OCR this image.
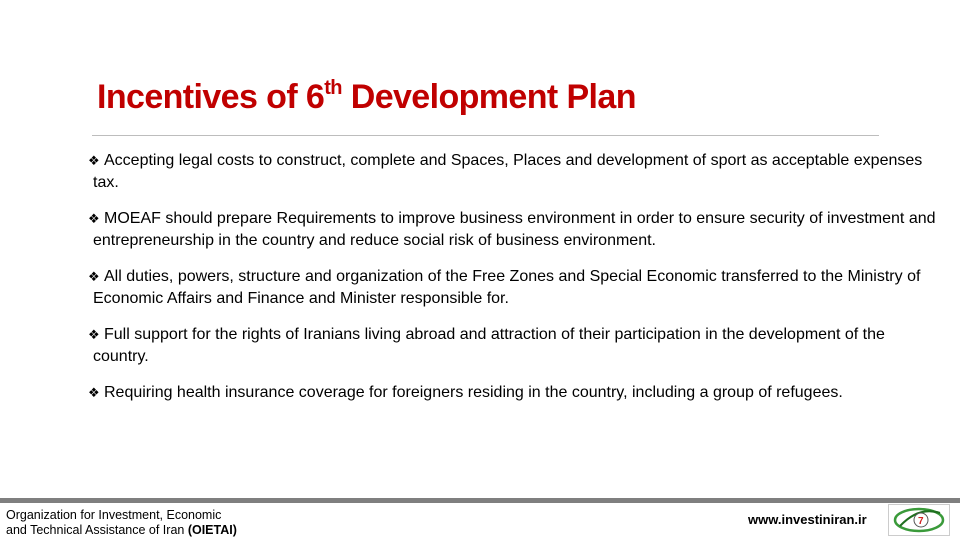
Incentives of 6th Development Plan
❖ Accepting legal costs to construct, complete and Spaces, Places and development of sport as acceptable expenses tax.
❖ MOEAF should prepare Requirements to improve business environment in order to ensure security of investment and entrepreneurship in the country and reduce social risk of business environment.
❖ All duties, powers, structure and organization of the Free Zones and Special Economic transferred to the Ministry of Economic Affairs and Finance and Minister responsible for.
❖ Full support for the rights of Iranians living abroad and attraction of their participation in the development of the country.
❖ Requiring health insurance coverage for foreigners residing in the country, including a group of refugees.
Organization for Investment, Economic
and Technical Assistance of Iran (OIETAI)
www.investiniran.ir	7
